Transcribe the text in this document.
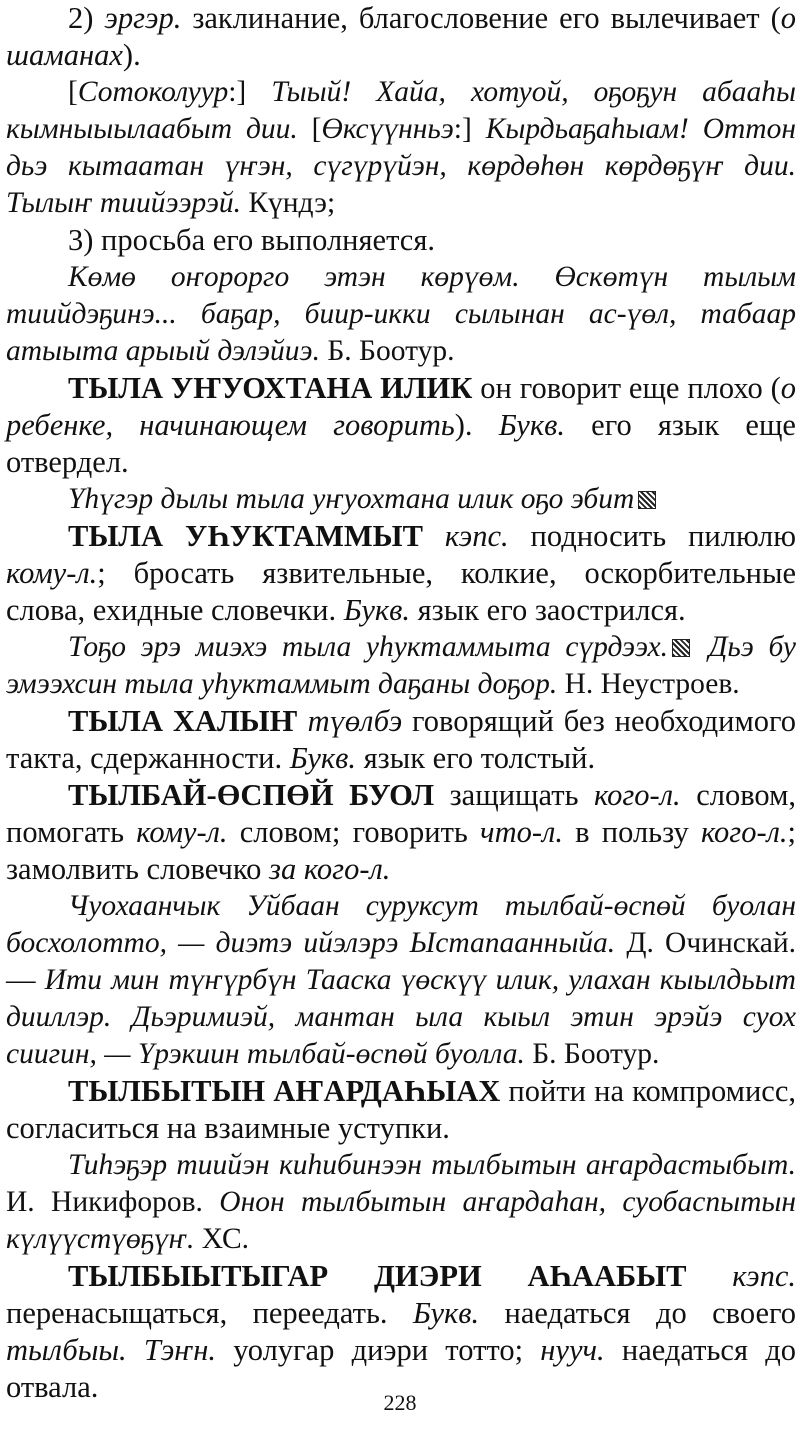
2) эргэр. заклинание, благословение его вылечивает (о шаманах).

[Сотоколуур:] Тыый! Хайа, хотуой, оҕоҕун абааһы кымныыылаабыт дии. [Өксүүнньэ:] Кырдьаҕаһыам! Оттон дьэ кытаатан үҥэн, сүгүрүйэн, көрдөһөн көрдөҕүҥ дии. Тылыҥ тиийээрэй. Күндэ;

3) просьба его выполняется.

Көмө оҥорорго этэн көрүөм. Өскөтүн тылым тиийдэҕинэ... баҕар, биир-икки сылынан ас-үөл, табаар атыыта арыый дэлэйиэ. Б. Боотур.

ТЫЛА УҤУОХТАНА ИЛИК он говорит еще плохо (о ребенке, начинающем говорить). Букв. его язык еще отвердел.

Үһүгэр дылы тыла уҥуохтана илик оҕо эбит

ТЫЛА УҺУКТАММЫТ кэпс. подносить пилюлю кому-л.; бросать язвительные, колкие, оскорбительные слова, ехидные словечки. Букв. язык его заострился.

Тоҕо эрэ миэхэ тыла уһуктаммыта сүрдээх. Дьэ бу эмээхсин тыла уһуктаммыт даҕаны доҕор. Н. Неустроев.

ТЫЛА ХАЛЫҤ түөлбэ говорящий без необходимого такта, сдержанности. Букв. язык его толстый.

ТЫЛБАЙ-ӨСПӨЙ БУОЛ защищать кого-л. словом, помогать кому-л. словом; говорить что-л. в пользу кого-л.; замолвить словечко за кого-л.

Чуохаанчык Уйбаан суруксут тылбай-өспөй буолан босхолотто, — диэтэ ийэлэрэ Ыстапаанныйа. Д. Очинскай. — Ити мин түҥүрбүн Тааска үөскүү илик, улахан кыылдьыт дииллэр. Дьэримиэй, мантан ыла кыыл этин эрэйэ суох сиигин, — Үрэкиин тылбай-өспөй буолла. Б. Боотур.

ТЫЛБЫТЫН АҤАРДАҺЫАХ пойти на компромисс, согласиться на взаимные уступки.

Тиһэҕэр тиийэн киһибинээн тылбытын аҥардастыбыт. И. Никифоров. Онон тылбытын аҥардаһан, суобаспытын күлүүстүөҕүҥ. ХС.

ТЫЛБЫЫТЫГАР ДИЭРИ АҺААБЫТ кэпс. перенасыщаться, переедать. Букв. наедаться до своего тылбыы. Тэҥн. уолугар диэри тотто; нууч. наедаться до отвала.	228
